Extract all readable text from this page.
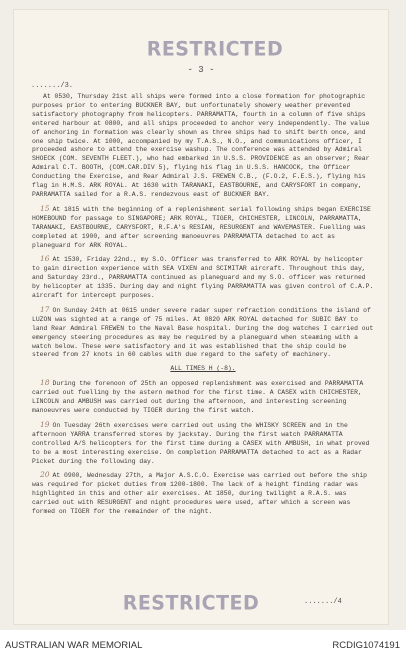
RESTRICTED
- 3 -
......./3.

At 0530, Thursday 21st all ships were formed into a close formation for photographic purposes prior to entering BUCKNER BAY, but unfortunately showery weather prevented satisfactory photography from helicopters. PARRAMATTA, fourth in a column of five ships entered harbour at 0800, and all ships proceeded to anchor very independently. The value of anchoring in formation was clearly shown as three ships had to shift berth once, and one ship twice. At 1000, accompanied by my T.A.S., N.O., and communications officer, I proceeded ashore to attend the exercise washup. The conference was attended by Admiral SHOECK (COM. SEVENTH FLEET.), who had embarked in U.S.S. PROVIDENCE as an observer; Rear Admiral C.T. BOOTH, (COM.CAR.DIV 5), flying his flag in U.S.S. HANCOCK, the Officer Conducting the Exercise, and Rear Admiral J.S. FREWEN C.B., (F.O.2, F.E.S.), flying his flag in H.M.S. ARK ROYAL. At 1630 with TARANAKI, EASTBOURNE, and CARYSFORT in company, PARRAMATTA sailed for a R.A.S. rendezvous east of BUCKNER BAY.

15 At 1815 with the beginning of a replenishment serial following ships began EXERCISE HOMEBOUND for passage to SINGAPORE; ARK ROYAL, TIGER, CHICHESTER, LINCOLN, PARRAMATTA, TARANAKI, EASTBOURNE, CARYSFORT, R.F.A's RESIAN, RESURGENT and WAVEMASTER. Fuelling was completed at 1900, and after screening manoeuvres PARRAMATTA detached to act as planeguard for ARK ROYAL.

16 At 1530, Friday 22nd., my S.O. Officer was transferred to ARK ROYAL by helicopter to gain direction experience with SEA VIXEN and SCIMITAR aircraft. Throughout this day, and Saturday 23rd., PARRAMATTA continued as planeguard and my S.O. officer was returned by helicopter at 1335. During day and night flying PARRAMATTA was given control of C.A.P. aircraft for intercept purposes.

17 On Sunday 24th at 0615 under severe radar super refraction conditions the island of LUZON was sighted at a range of 75 miles. At 0820 ARK ROYAL detached for SUBIC BAY to land Rear Admiral FREWEN to the Naval Base hospital. During the dog watches I carried out emergency steering procedures as may be required by a planeguard when steaming with a watch below. These were satisfactory and it was established that the ship could be steered from 27 knots in 60 cables with due regard to the safety of machinery.

ALL TIMES H (-8).

18 During the forenoon of 25th an opposed replenishment was exercised and PARRAMATTA carried out fuelling by the astern method for the first time. A CASEX with CHICHESTER, LINCOLN and AMBUSH was carried out during the afternoon, and interesting screening manoeuvres were conducted by TIGER during the first watch.

19 On Tuesday 26th exercises were carried out using the WHISKY SCREEN and in the afternoon YARRA transferred stores by jackstay. During the first watch PARRAMATTA controlled A/S helicopters for the first time during a CASEX with AMBUSH, in what proved to be a most interesting exercise. On completion PARRAMATTA detached to act as a Radar Picket during the following day.

20 At 0900, Wednesday 27th, a Major A.S.C.O. Exercise was carried out before the ship was required for picket duties from 1200-1800. The lack of a height finding radar was highlighted in this and other air exercises. At 1850, during twilight a R.A.S. was carried out with RESURGENT and night procedures were used, after which a screen was formed on TIGER for the remainder of the night.

RESTRICTED	......./4
AUSTRALIAN WAR MEMORIAL	RCDIG1074191
